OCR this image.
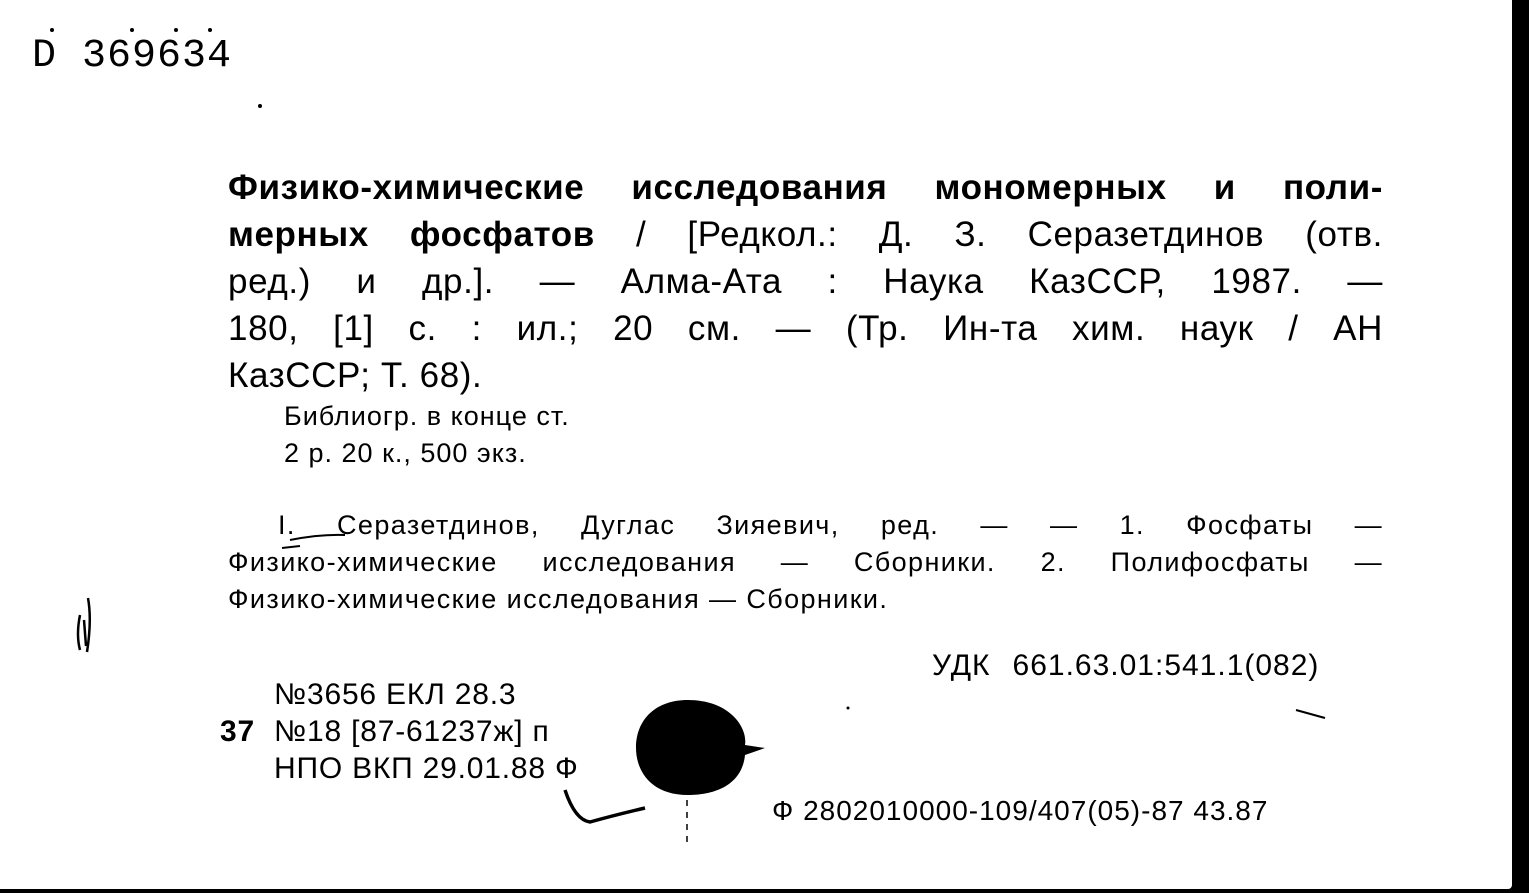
D 369634
Физико-химические исследования мономерных и поли-
мерных фосфатов / [Редкол.: Д. З. Серазетдинов (отв.
ред.) и др.]. — Алма-Ата : Наука КазССР, 1987. —
180, [1] с. : ил.; 20 см. — (Тр. Ин-та хим. наук / АН
КазССР; Т. 68).
Библиогр. в конце ст.
2 р. 20 к., 500 экз.
I. Серазетдинов, Дуглас Зияевич, ред. — — 1. Фосфаты —
Физико-химические исследования — Сборники. 2. Полифосфаты —
Физико-химические исследования — Сборники.
УДК 661.63.01:541.1(082)
№3656 ЕКЛ 28.3
37 №18 [87-61237ж] п
НПО ВКП 29.01.88 Ф
Ф 2802010000-109/407(05)-87 43.87
